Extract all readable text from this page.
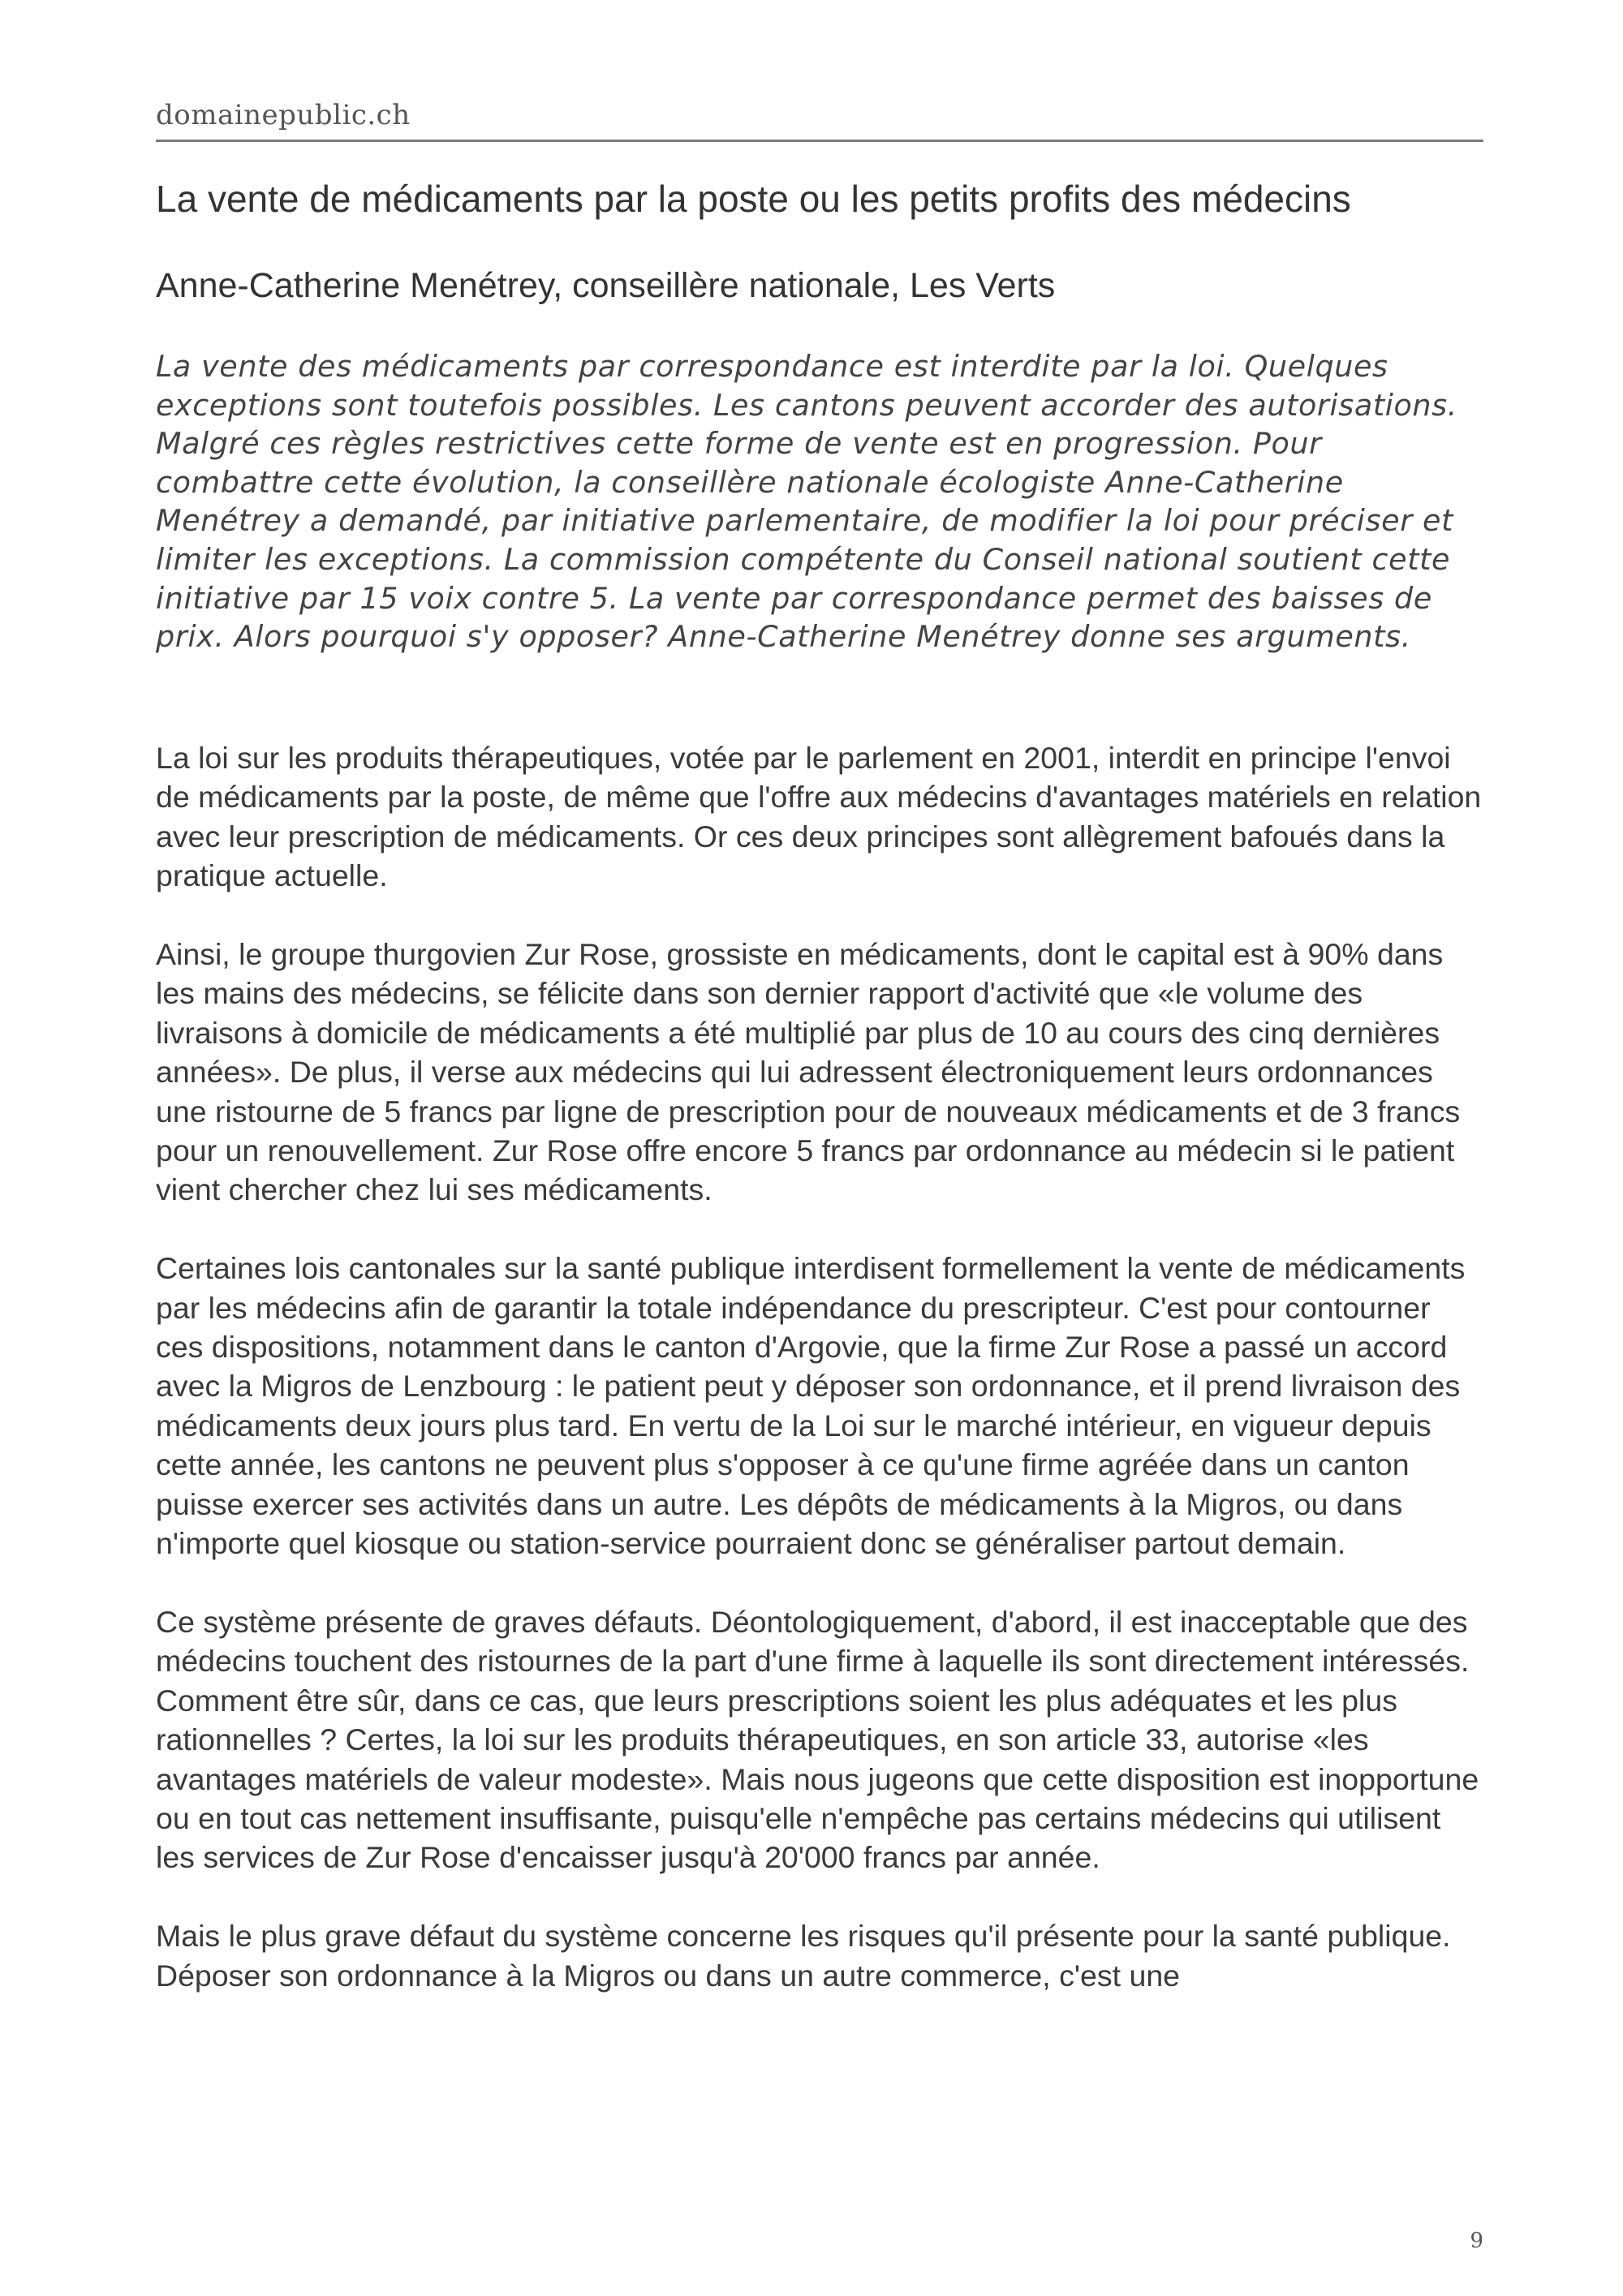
domainepublic.ch
La vente de médicaments par la poste ou les petits profits des médecins
Anne-Catherine Menétrey, conseillère nationale, Les Verts
La vente des médicaments par correspondance est interdite par la loi. Quelques exceptions sont toutefois possibles. Les cantons peuvent accorder des autorisations. Malgré ces règles restrictives cette forme de vente est en progression. Pour combattre cette évolution, la conseillère nationale écologiste Anne-Catherine Menétrey a demandé, par initiative parlementaire, de modifier la loi pour préciser et limiter les exceptions. La commission compétente du Conseil national soutient cette initiative par 15 voix contre 5. La vente par correspondance permet des baisses de prix. Alors pourquoi s'y opposer? Anne-Catherine Menétrey donne ses arguments.

La loi sur les produits thérapeutiques, votée par le parlement en 2001, interdit en principe l'envoi de médicaments par la poste, de même que l'offre aux médecins d'avantages matériels en relation avec leur prescription de médicaments. Or ces deux principes sont allègrement bafoués dans la pratique actuelle.

Ainsi, le groupe thurgovien Zur Rose, grossiste en médicaments, dont le capital est à 90% dans les mains des médecins, se félicite dans son dernier rapport d'activité que «le volume des livraisons à domicile de médicaments a été multiplié par plus de 10 au cours des cinq dernières années». De plus, il verse aux médecins qui lui adressent électroniquement leurs ordonnances une ristourne de 5 francs par ligne de prescription pour de nouveaux médicaments et de 3 francs pour un renouvellement. Zur Rose offre encore 5 francs par ordonnance au médecin si le patient vient chercher chez lui ses médicaments.

Certaines lois cantonales sur la santé publique interdisent formellement la vente de médicaments par les médecins afin de garantir la totale indépendance du prescripteur. C'est pour contourner ces dispositions, notamment dans le canton d'Argovie, que la firme Zur Rose a passé un accord avec la Migros de Lenzbourg : le patient peut y déposer son ordonnance, et il prend livraison des médicaments deux jours plus tard. En vertu de la Loi sur le marché intérieur, en vigueur depuis cette année, les cantons ne peuvent plus s'opposer à ce qu'une firme agréée dans un canton puisse exercer ses activités dans un autre. Les dépôts de médicaments à la Migros, ou dans n'importe quel kiosque ou station-service pourraient donc se généraliser partout demain.

Ce système présente de graves défauts. Déontologiquement, d'abord, il est inacceptable que des médecins touchent des ristournes de la part d'une firme à laquelle ils sont directement intéressés. Comment être sûr, dans ce cas, que leurs prescriptions soient les plus adéquates et les plus rationnelles ? Certes, la loi sur les produits thérapeutiques, en son article 33, autorise «les avantages matériels de valeur modeste». Mais nous jugeons que cette disposition est inopportune ou en tout cas nettement insuffisante, puisqu'elle n'empêche pas certains médecins qui utilisent les services de Zur Rose d'encaisser jusqu'à 20'000 francs par année.

Mais le plus grave défaut du système concerne les risques qu'il présente pour la santé publique. Déposer son ordonnance à la Migros ou dans un autre commerce, c'est une

9
